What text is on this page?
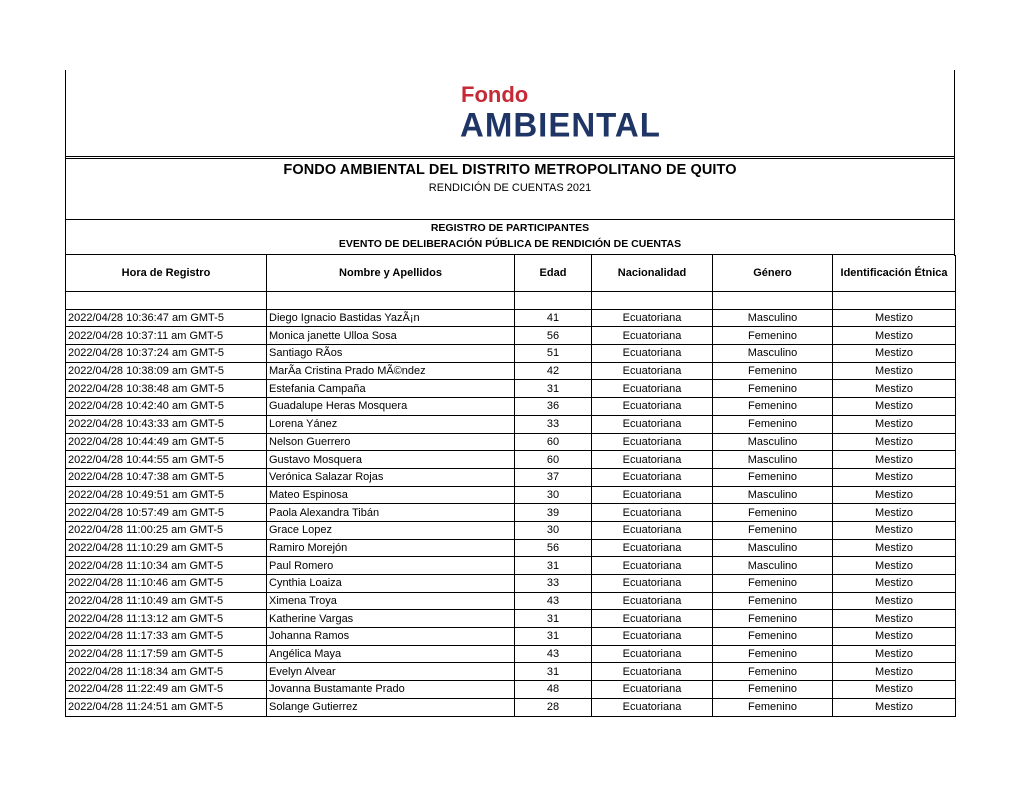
Fondo
AMBIENTAL
FONDO AMBIENTAL DEL DISTRITO METROPOLITANO DE QUITO
RENDICIÓN DE CUENTAS 2021
REGISTRO DE PARTICIPANTES
EVENTO DE DELIBERACIÓN PÚBLICA DE RENDICIÓN DE CUENTAS
Hora de Registro	Nombre y Apellidos	Edad	Nacionalidad	Género	Identificación Étnica

2022/04/28 10:36:47 am GMT-5	Diego Ignacio Bastidas YazÃ¡n	41	Ecuatoriana	Masculino	Mestizo
2022/04/28 10:37:11 am GMT-5	Monica janette Ulloa Sosa	56	Ecuatoriana	Femenino	Mestizo
2022/04/28 10:37:24 am GMT-5	Santiago RÃos	51	Ecuatoriana	Masculino	Mestizo
2022/04/28 10:38:09 am GMT-5	MarÃa Cristina Prado MÃ©ndez	42	Ecuatoriana	Femenino	Mestizo
2022/04/28 10:38:48 am GMT-5	Estefania Campaña	31	Ecuatoriana	Femenino	Mestizo
2022/04/28 10:42:40 am GMT-5	Guadalupe Heras Mosquera	36	Ecuatoriana	Femenino	Mestizo
2022/04/28 10:43:33 am GMT-5	Lorena Yánez	33	Ecuatoriana	Femenino	Mestizo
2022/04/28 10:44:49 am GMT-5	Nelson Guerrero	60	Ecuatoriana	Masculino	Mestizo
2022/04/28 10:44:55 am GMT-5	Gustavo Mosquera	60	Ecuatoriana	Masculino	Mestizo
2022/04/28 10:47:38 am GMT-5	Verónica Salazar Rojas	37	Ecuatoriana	Femenino	Mestizo
2022/04/28 10:49:51 am GMT-5	Mateo Espinosa	30	Ecuatoriana	Masculino	Mestizo
2022/04/28 10:57:49 am GMT-5	Paola Alexandra Tibán	39	Ecuatoriana	Femenino	Mestizo
2022/04/28 11:00:25 am GMT-5	Grace Lopez	30	Ecuatoriana	Femenino	Mestizo
2022/04/28 11:10:29 am GMT-5	Ramiro Morejón	56	Ecuatoriana	Masculino	Mestizo
2022/04/28 11:10:34 am GMT-5	Paul Romero	31	Ecuatoriana	Masculino	Mestizo
2022/04/28 11:10:46 am GMT-5	Cynthia Loaiza	33	Ecuatoriana	Femenino	Mestizo
2022/04/28 11:10:49 am GMT-5	Ximena Troya	43	Ecuatoriana	Femenino	Mestizo
2022/04/28 11:13:12 am GMT-5	Katherine Vargas	31	Ecuatoriana	Femenino	Mestizo
2022/04/28 11:17:33 am GMT-5	Johanna Ramos	31	Ecuatoriana	Femenino	Mestizo
2022/04/28 11:17:59 am GMT-5	Angélica Maya	43	Ecuatoriana	Femenino	Mestizo
2022/04/28 11:18:34 am GMT-5	Evelyn Alvear	31	Ecuatoriana	Femenino	Mestizo
2022/04/28 11:22:49 am GMT-5	Jovanna Bustamante Prado	48	Ecuatoriana	Femenino	Mestizo
2022/04/28 11:24:51 am GMT-5	Solange Gutierrez	28	Ecuatoriana	Femenino	Mestizo
